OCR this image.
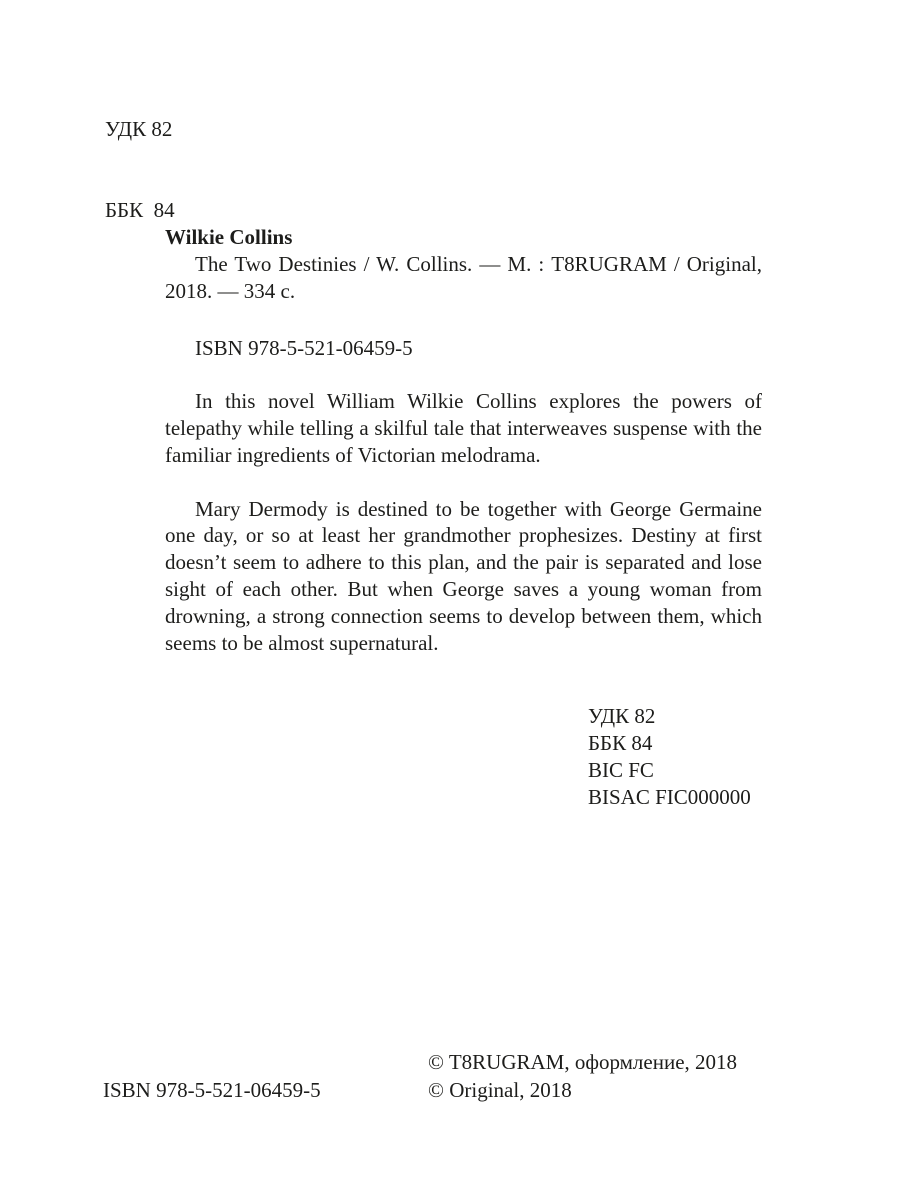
УДК 82

ББК  84

Wilkie Collins

The Two Destinies / W. Collins. — М. : T8RUGRAM / Original, 2018. — 334 с.

ISBN 978-5-521-06459-5

In this novel William Wilkie Collins explores the powers of telepathy while telling a skilful tale that interweaves suspense with the familiar ingredients of Victorian melodrama.

Mary Dermody is destined to be together with George Germaine one day, or so at least her grandmother prophesizes. Destiny at first doesn’t seem to adhere to this plan, and the pair is separated and lose sight of each other. But when George saves a young woman from drowning, a strong connection seems to develop between them, which seems to be almost supernatural.

УДК 82
ББК 84
BIC FC
BISAC FIC000000
ISBN 978-5-521-06459-5
© T8RUGRAM, оформление, 2018
© Original, 2018
